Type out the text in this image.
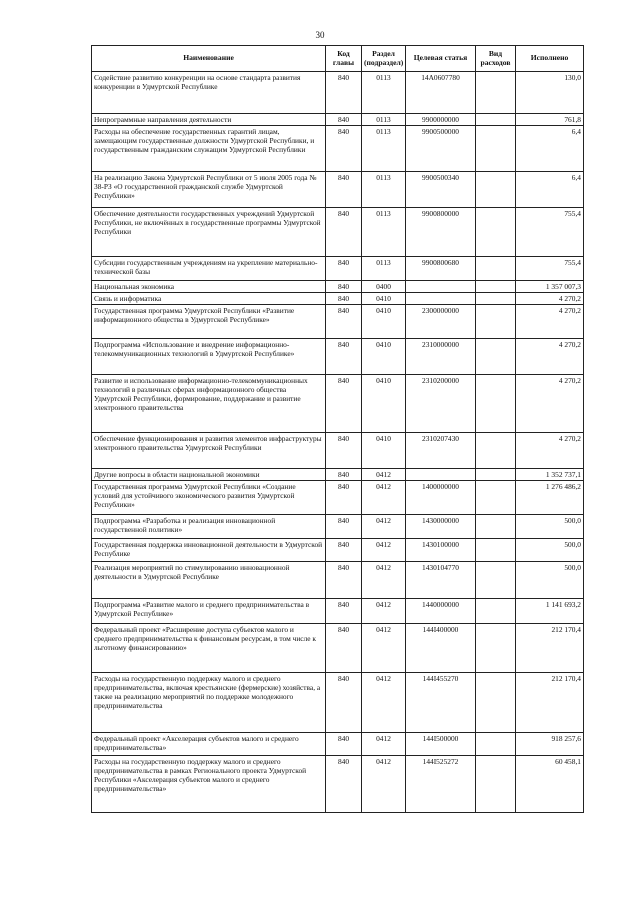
30
Наименование	Код главы	Раздел (подраздел)	Целевая статья	Вид расходов	Исполнено
Содействие развитию конкуренции на основе стандарта развития конкуренции в Удмуртской Республике	840	0113	14А0607780		130,0
Непрограммные направления деятельности	840	0113	9900000000		761,8
Расходы на обеспечение государственных гарантий лицам, замещающим государственные должности Удмуртской Республики, и государственным гражданским служащим Удмуртской Республики	840	0113	9900500000		6,4
На реализацию Закона Удмуртской Республики от 5 июля 2005 года № 38-РЗ «О государственной гражданской службе Удмуртской Республики»	840	0113	9900500340		6,4
Обеспечение деятельности государственных учреждений Удмуртской Республики, не включённых в государственные программы Удмуртской Республики	840	0113	9900800000		755,4
Субсидии государственным учреждениям на укрепление материально-технической базы	840	0113	9900800680		755,4
Национальная экономика	840	0400			1 357 007,3
Связь и информатика	840	0410			4 270,2
Государственная программа Удмуртской Республики «Развитие информационного общества в Удмуртской Республике»	840	0410	2300000000		4 270,2
Подпрограмма «Использование и внедрение информационно-телекоммуникационных технологий в Удмуртской Республике»	840	0410	2310000000		4 270,2
Развитие и использование информационно-телекоммуникационных технологий в различных сферах информационного общества Удмуртской Республики, формирование, поддержание и развитие электронного правительства	840	0410	2310200000		4 270,2
Обеспечение функционирования и развития элементов инфраструктуры электронного правительства Удмуртской Республики	840	0410	2310207430		4 270,2
Другие вопросы в области национальной экономики	840	0412			1 352 737,1
Государственная программа Удмуртской Республики «Создание условий для устойчивого экономического развития Удмуртской Республики»	840	0412	1400000000		1 276 486,2
Подпрограмма «Разработка и реализация инновационной государственной политики»	840	0412	1430000000		500,0
Государственная поддержка инновационной деятельности в Удмуртской Республике	840	0412	1430100000		500,0
Реализация мероприятий по стимулированию инновационной деятельности в Удмуртской Республике	840	0412	1430104770		500,0
Подпрограмма «Развитие малого и среднего предпринимательства в Удмуртской Республике»	840	0412	1440000000		1 141 693,2
Федеральный проект «Расширение доступа субъектов малого и среднего предпринимательства к финансовым ресурсам, в том числе к льготному финансированию»	840	0412	144I400000		212 170,4
Расходы на государственную поддержку малого и среднего предпринимательства, включая крестьянские (фермерские) хозяйства, а также на реализацию мероприятий по поддержке молодежного предпринимательства	840	0412	144I455270		212 170,4
Федеральный проект «Акселерация субъектов малого и среднего предпринимательства»	840	0412	144I500000		918 257,6
Расходы на государственную поддержку малого и среднего предпринимательства в рамках Регионального проекта Удмуртской Республики «Акселерация субъектов малого и среднего предпринимательства»	840	0412	144I525272		60 458,1
